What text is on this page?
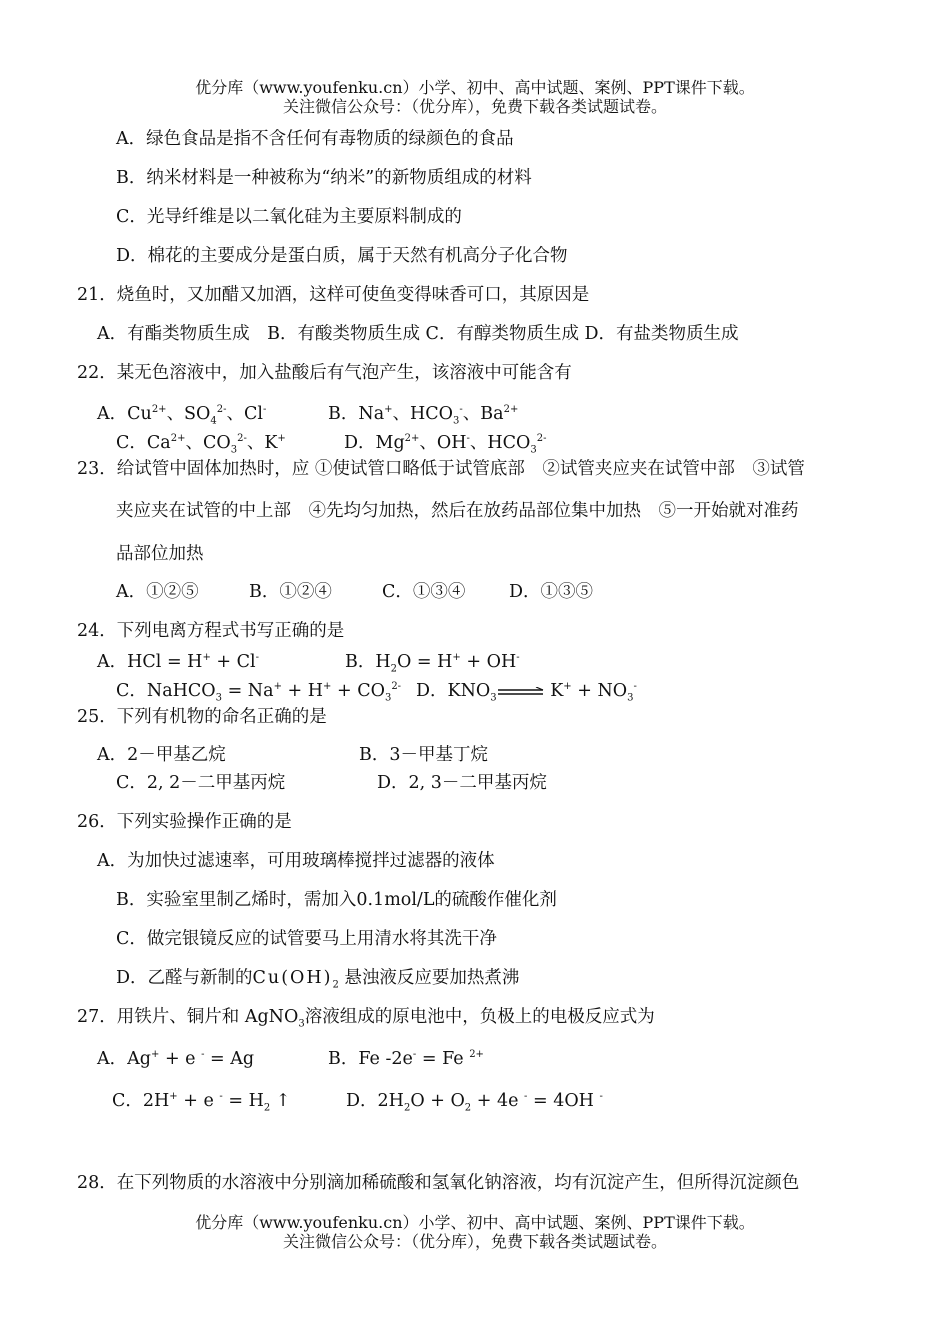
优分库（www.youfenku.cn）小学、初中、高中试题、案例、PPT课件下载。
关注微信公众号：（优分库），免费下载各类试题试卷。
A．绿色食品是指不含任何有毒物质的绿颜色的食品
B．纳米材料是一种被称为“纳米”的新物质组成的材料
C．光导纤维是以二氧化硅为主要原料制成的
D．棉花的主要成分是蛋白质，属于天然有机高分子化合物
21．烧鱼时，又加醋又加酒，这样可使鱼变得味香可口，其原因是
A．有酯类物质生成　B．有酸类物质生成 C．有醇类物质生成 D．有盐类物质生成
22．某无色溶液中，加入盐酸后有气泡产生，该溶液中可能含有
A．$Cu^{2+}$、$SO_4^{2-}$、Cl-	B．Na+、$HCO_3^-$、$Ba^{2+}$
C．$Ca^{2+}$、$CO_3^{2-}$、K+	D．$Mg^{2+}$、OH-、$HCO_3^{2-}$
23．给试管中固体加热时，应 ①使试管口略低于试管底部　②试管夹应夹在试管中部　③试管
夹应夹在试管的中上部　④先均匀加热，然后在放药品部位集中加热　⑤一开始就对准药
品部位加热
A．①②⑤	B．①②④	C．①③④ D．①③⑤
24．下列电离方程式书写正确的是
A．HCl = H+ + Cl-	B．$H_2O = H^+ + OH^-$
C．NaHCO$_3$ = $Na^+ + H^+ + CO_3^{2-}$ D．$KNO_3$	$K^+ + NO_3^-$
25．下列有机物的命名正确的是
A．2－甲基乙烷	B．3－甲基丁烷
C．2, 2－二甲基丙烷	D．2, 3－二甲基丙烷
26．下列实验操作正确的是
A．为加快过滤速率，可用玻璃棒搅拌过滤器的液体
B．实验室里制乙烯时，需加入0.1mol/L的硫酸作催化剂
C．做完银镜反应的试管要马上用清水将其洗干净
D．乙醛与新制的$Cu(OH)_2$ 悬浊液反应要加热煮沸
27．用铁片、铜片和 AgNO$_3$溶液组成的原电池中，负极上的电极反应式为
A．Ag+ + e - = Ag	B．Fe -2e- = Fe $^{2+}$
C．2H+ + e $^- = H_2$ ↑	D．$2H_2O + O_2 + 4e$ - = 4OH -
28．在下列物质的水溶液中分别滴加稀硫酸和氢氧化钠溶液，均有沉淀产生，但所得沉淀颜色
优分库（www.youfenku.cn）小学、初中、高中试题、案例、PPT课件下载。
关注微信公众号：（优分库），免费下载各类试题试卷。
